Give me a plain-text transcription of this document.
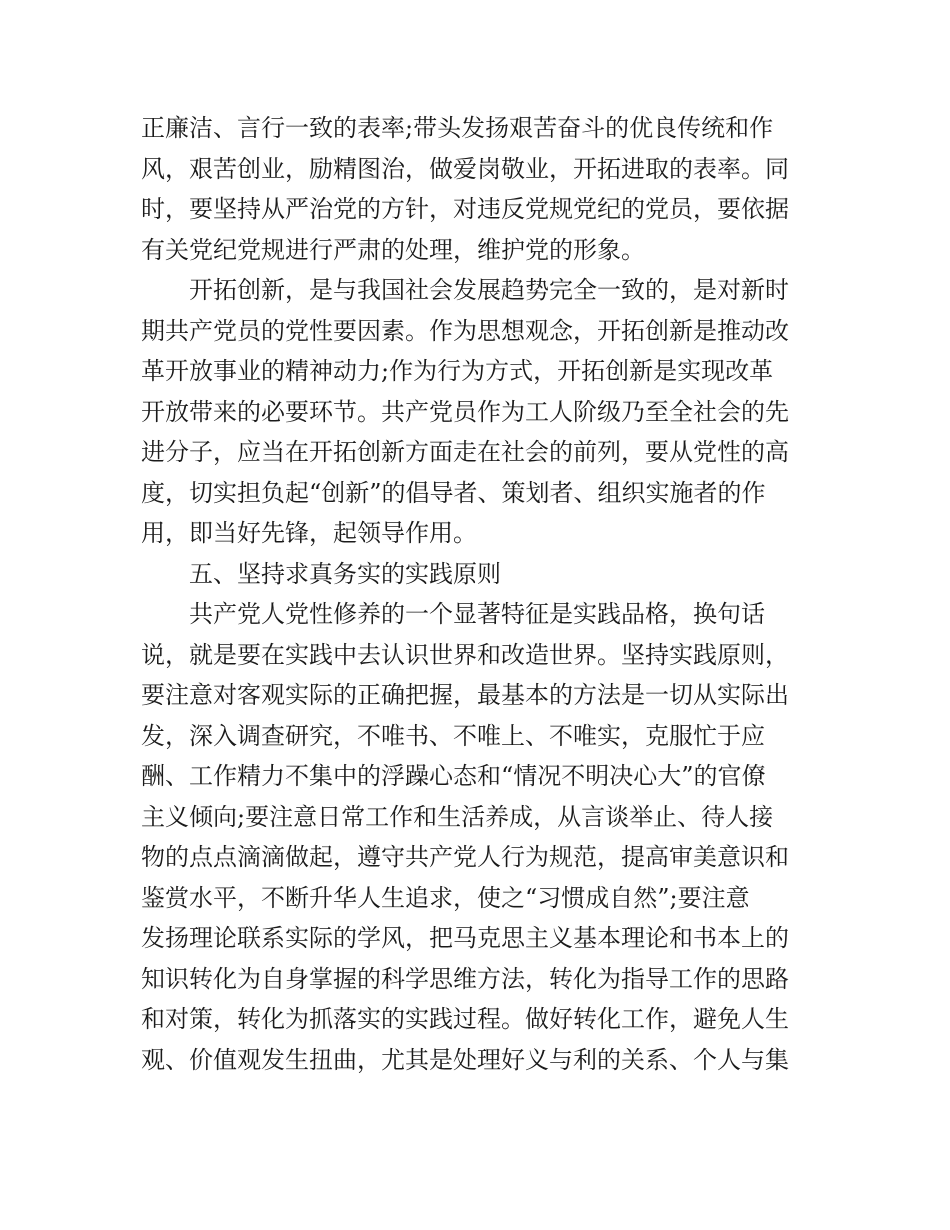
正廉洁、言行一致的表率;带头发扬艰苦奋斗的优良传统和作
风，艰苦创业，励精图治，做爱岗敬业，开拓进取的表率。同
时，要坚持从严治党的方针，对违反党规党纪的党员，要依据
有关党纪党规进行严肃的处理，维护党的形象。
开拓创新，是与我国社会发展趋势完全一致的，是对新时
期共产党员的党性要因素。作为思想观念，开拓创新是推动改
革开放事业的精神动力;作为行为方式，开拓创新是实现改革
开放带来的必要环节。共产党员作为工人阶级乃至全社会的先
进分子，应当在开拓创新方面走在社会的前列，要从党性的高
度，切实担负起“创新”的倡导者、策划者、组织实施者的作
用，即当好先锋，起领导作用。
五、坚持求真务实的实践原则
共产党人党性修养的一个显著特征是实践品格，换句话
说，就是要在实践中去认识世界和改造世界。坚持实践原则，
要注意对客观实际的正确把握，最基本的方法是一切从实际出
发，深入调查研究，不唯书、不唯上、不唯实，克服忙于应
酬、工作精力不集中的浮躁心态和“情况不明决心大”的官僚
主义倾向;要注意日常工作和生活养成，从言谈举止、待人接
物的点点滴滴做起，遵守共产党人行为规范，提高审美意识和
鉴赏水平，不断升华人生追求，使之“习惯成自然”;要注意
发扬理论联系实际的学风，把马克思主义基本理论和书本上的
知识转化为自身掌握的科学思维方法，转化为指导工作的思路
和对策，转化为抓落实的实践过程。做好转化工作，避免人生
观、价值观发生扭曲，尤其是处理好义与利的关系、个人与集
